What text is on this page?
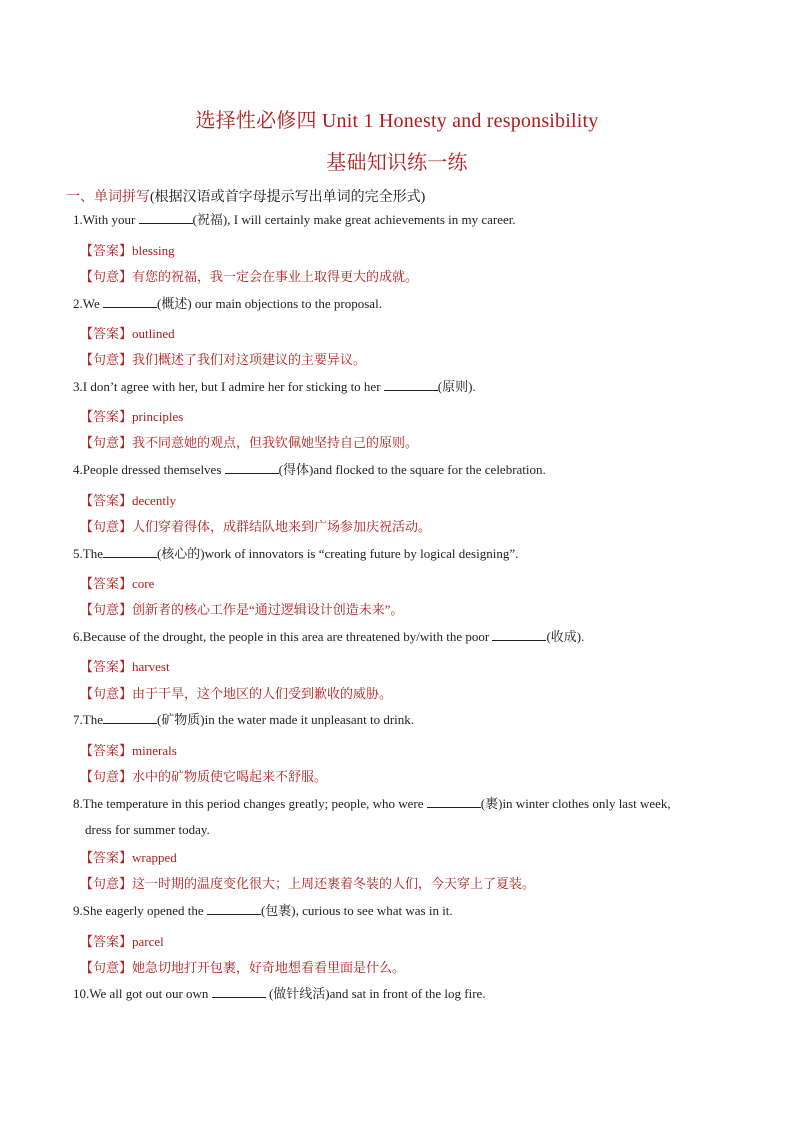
选择性必修四 Unit 1 Honesty and responsibility
基础知识练一练
一、单词拼写(根据汉语或首字母提示写出单词的完全形式)
1.With your	(祝福), I will certainly make great achievements in my career.
【答案】blessing
【句意】有您的祝福，我一定会在事业上取得更大的成就。
2.We	(概述) our main objections to the proposal.
【答案】outlined
【句意】我们概述了我们对这项建议的主要异议。
3.I don’t agree with her, but I admire her for sticking to her	(原则).
【答案】principles
【句意】我不同意她的观点，但我钦佩她坚持自己的原则。
4.People dressed themselves	(得体)and flocked to the square for the celebration.
【答案】decently
【句意】人们穿着得体，成群结队地来到广场参加庆祝活动。
5.The	(核心的)work of innovators is “creating future by logical designing”.
【答案】core
【句意】创新者的核心工作是“通过逻辑设计创造未来”。
6.Because of the drought, the people in this area are threatened by/with the poor	(收成).
【答案】harvest
【句意】由于干旱，这个地区的人们受到歉收的威胁。
7.The	(矿物质)in the water made it unpleasant to drink.
【答案】minerals
【句意】水中的矿物质使它喝起来不舒服。
8.The temperature in this period changes greatly; people, who were	(裹)in winter clothes only last week,
dress for summer today.
【答案】wrapped
【句意】这一时期的温度变化很大；上周还裹着冬装的人们，今天穿上了夏装。
9.She eagerly opened the	(包裹), curious to see what was in it.
【答案】parcel
【句意】她急切地打开包裹，好奇地想看看里面是什么。
10.We all got out our own	(做针线活)and sat in front of the log fire.
